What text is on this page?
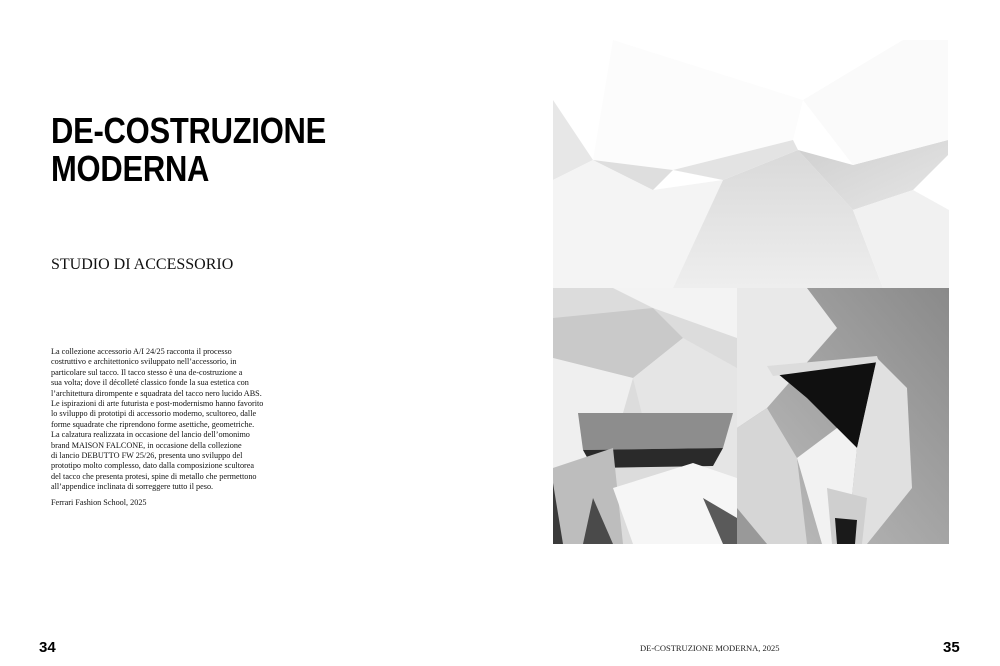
DE-COSTRUZIONE
MODERNA
STUDIO DI ACCESSORIO
La collezione accessorio A/I 24/25 racconta il processo
costruttivo e architettonico sviluppato nell’accessorio, in
particolare sul tacco. Il tacco stesso è una de-costruzione a
sua volta; dove il décolleté classico fonde la sua estetica con
l’architettura dirompente e squadrata del tacco nero lucido ABS.
Le ispirazioni di arte futurista e post-modernismo hanno favorito
lo sviluppo di prototipi di accessorio moderno, scultoreo, dalle
forme squadrate che riprendono forme asettiche, geometriche.
La calzatura realizzata in occasione del lancio dell’omonimo
brand MAISON FALCONE, in occasione della collezione
di lancio DEBUTTO FW 25/26, presenta uno sviluppo del
prototipo molto complesso, dato dalla composizione scultorea
del tacco che presenta protesi, spine di metallo che permettono
all’appendice inclinata di sorreggere tutto il peso.
Ferrari Fashion School, 2025
34	DE-COSTRUZIONE MODERNA, 2025	35
